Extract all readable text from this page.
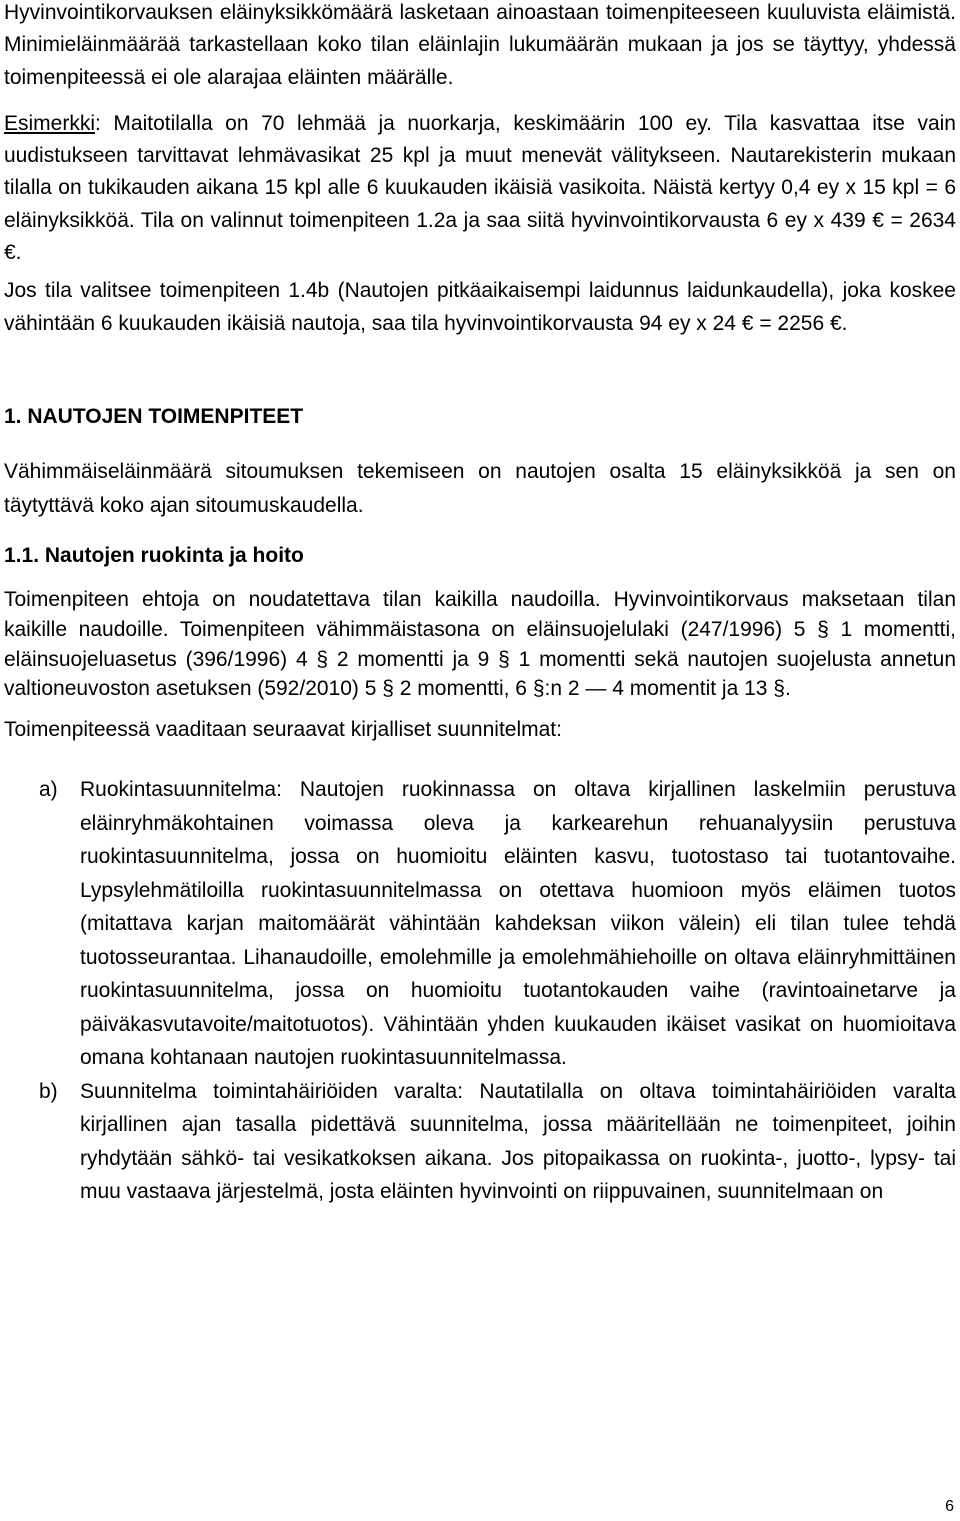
Hyvinvointikorvauksen eläinyksikkömäärä lasketaan ainoastaan toimenpiteeseen kuuluvista eläimistä. Minimieläinmäärää tarkastellaan koko tilan eläinlajin lukumäärän mukaan ja jos se täyttyy, yhdessä toimenpiteessä ei ole alarajaa eläinten määrälle.

Esimerkki: Maitotilalla on 70 lehmää ja nuorkarja, keskimäärin 100 ey. Tila kasvattaa itse vain uudistukseen tarvittavat lehmävasikat 25 kpl ja muut menevät välitykseen. Nautarekisterin mukaan tilalla on tukikauden aikana 15 kpl alle 6 kuukauden ikäisiä vasikoita. Näistä kertyy 0,4 ey x 15 kpl = 6 eläinyksikköä. Tila on valinnut toimenpiteen 1.2a ja saa siitä hyvinvointikorvausta 6 ey x 439 € = 2634 €.

Jos tila valitsee toimenpiteen 1.4b (Nautojen pitkäaikaisempi laidunnus laidunkaudella), joka koskee vähintään 6 kuukauden ikäisiä nautoja, saa tila hyvinvointikorvausta 94 ey x 24 € = 2256 €.

1. NAUTOJEN TOIMENPITEET

Vähimmäiseläinmäärä sitoumuksen tekemiseen on nautojen osalta 15 eläinyksikköä ja sen on täytyttävä koko ajan sitoumuskaudella.

1.1. Nautojen ruokinta ja hoito

Toimenpiteen ehtoja on noudatettava tilan kaikilla naudoilla. Hyvinvointikorvaus maksetaan tilan kaikille naudoille. Toimenpiteen vähimmäistasona on eläinsuojelulaki (247/1996) 5 § 1 momentti, eläinsuojeluasetus (396/1996) 4 § 2 momentti ja 9 § 1 momentti sekä nautojen suojelusta annetun valtioneuvoston asetuksen (592/2010) 5 § 2 momentti, 6 §:n 2 — 4 momentit ja 13 §.

Toimenpiteessä vaaditaan seuraavat kirjalliset suunnitelmat:

a) Ruokintasuunnitelma: Nautojen ruokinnassa on oltava kirjallinen laskelmiin perustuva eläinryhmäkohtainen voimassa oleva ja karkearehun rehuanalyysiin perustuva ruokintasuunnitelma, jossa on huomioitu eläinten kasvu, tuotostaso tai tuotantovaihe. Lypsylehmätiloilla ruokintasuunnitelmassa on otettava huomioon myös eläimen tuotos (mitattava karjan maitomäärät vähintään kahdeksan viikon välein) eli tilan tulee tehdä tuotosseurantaa. Lihanaudoille, emolehmille ja emolehmähiehoille on oltava eläinryhmittäinen ruokintasuunnitelma, jossa on huomioitu tuotantokauden vaihe (ravintoainetarve ja päiväkasvutavoite/maitotuotos). Vähintään yhden kuukauden ikäiset vasikat on huomioitava omana kohtanaan nautojen ruokintasuunnitelmassa.

b) Suunnitelma toimintahäiriöiden varalta: Nautatilalla on oltava toimintahäiriöiden varalta kirjallinen ajan tasalla pidettävä suunnitelma, jossa määritellään ne toimenpiteet, joihin ryhdytään sähkö- tai vesikatkoksen aikana. Jos pitopaikassa on ruokinta-, juotto-, lypsy- tai muu vastaava järjestelmä, josta eläinten hyvinvointi on riippuvainen, suunnitelmaan on

6
